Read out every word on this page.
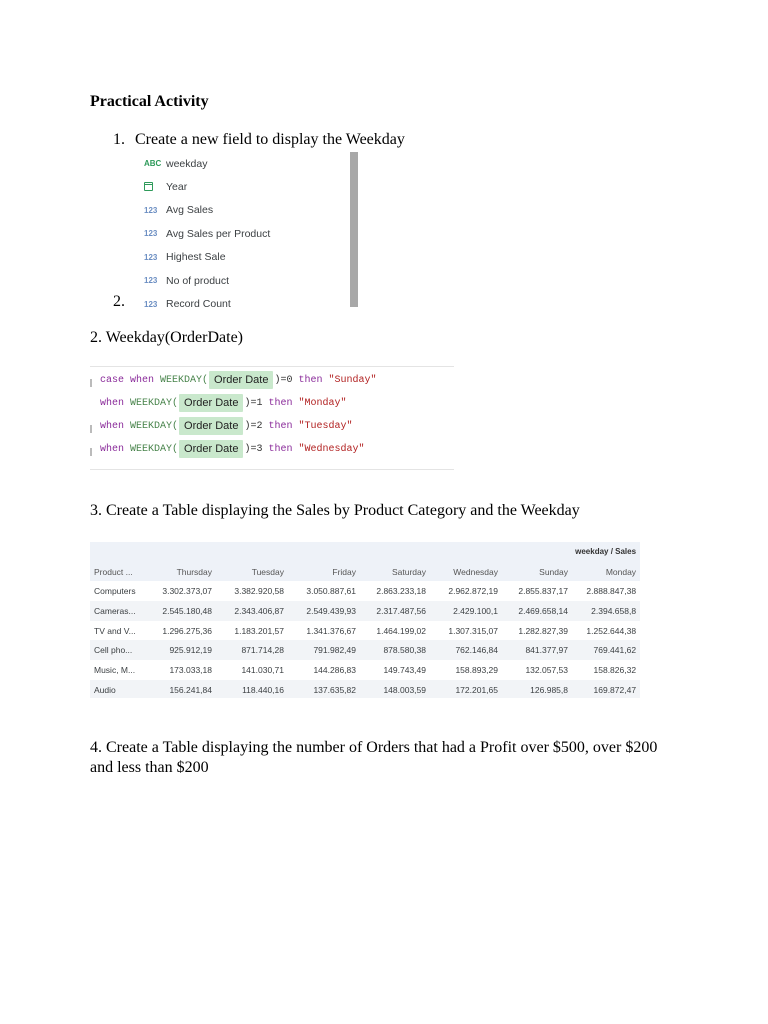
Practical Activity
1. Create a new field to display the Weekday
ABC weekday
Year
123 Avg Sales
123 Avg Sales per Product
123 Highest Sale
123 No of product
123 Record Count
2.
2. Weekday(OrderDate)
case when WEEKDAY( Order Date )=0 then "Sunday"
when WEEKDAY( Order Date )=1 then "Monday"
when WEEKDAY( Order Date )=2 then "Tuesday"
when WEEKDAY( Order Date )=3 then "Wednesday"
3. Create a Table displaying the Sales by Product Category and the Weekday
weekday / Sales							
Product ...	Thursday	Tuesday	Friday	Saturday	Wednesday	Sunday	Monday
Computers	3.302.373,07	3.382.920,58	3.050.887,61	2.863.233,18	2.962.872,19	2.855.837,17	2.888.847,38
Cameras...	2.545.180,48	2.343.406,87	2.549.439,93	2.317.487,56	2.429.100,1	2.469.658,14	2.394.658,8
TV and V...	1.296.275,36	1.183.201,57	1.341.376,67	1.464.199,02	1.307.315,07	1.282.827,39	1.252.644,38
Cell pho...	925.912,19	871.714,28	791.982,49	878.580,38	762.146,84	841.377,97	769.441,62
Music, M...	173.033,18	141.030,71	144.286,83	149.743,49	158.893,29	132.057,53	158.826,32
Audio	156.241,84	118.440,16	137.635,82	148.003,59	172.201,65	126.985,8	169.872,47
4. Create a Table displaying the number of Orders that had a Profit over $500, over $200 and less than $200
